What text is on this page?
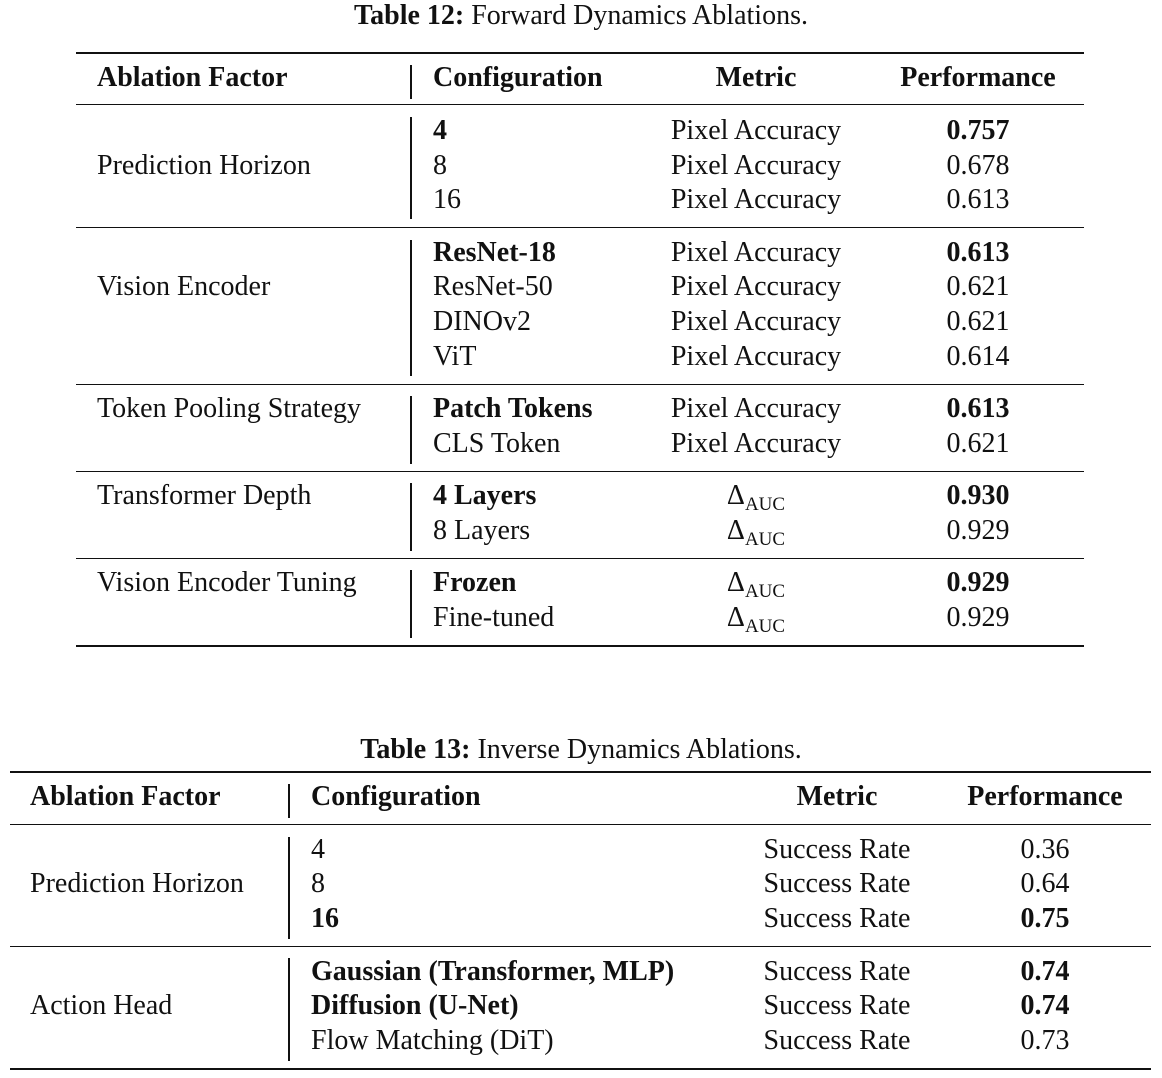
Table 12: Forward Dynamics Ablations.
Ablation Factor	Configuration	Metric	Performance
Prediction Horizon
4	Pixel Accuracy	0.757
8	Pixel Accuracy	0.678
16	Pixel Accuracy	0.613
Vision Encoder
ResNet-18	Pixel Accuracy	0.613
ResNet-50	Pixel Accuracy	0.621
DINOv2	Pixel Accuracy	0.621
ViT	Pixel Accuracy	0.614
Token Pooling Strategy	Patch Tokens	Pixel Accuracy	0.613
CLS Token	Pixel Accuracy	0.621
Transformer Depth	4 Layers	$\Delta_{AUC}$	0.930
8 Layers	$\Delta_{AUC}$	0.929
Vision Encoder Tuning	Frozen	$\Delta_{AUC}$	0.929
Fine-tuned	$\Delta_{AUC}$	0.929
Table 13: Inverse Dynamics Ablations.
Ablation Factor	Configuration	Metric	Performance
Prediction Horizon
4	Success Rate	0.36
8	Success Rate	0.64
16	Success Rate	0.75
Action Head
Gaussian (Transformer, MLP)	Success Rate	0.74
Diffusion (U-Net)	Success Rate	0.74
Flow Matching (DiT)	Success Rate	0.73
